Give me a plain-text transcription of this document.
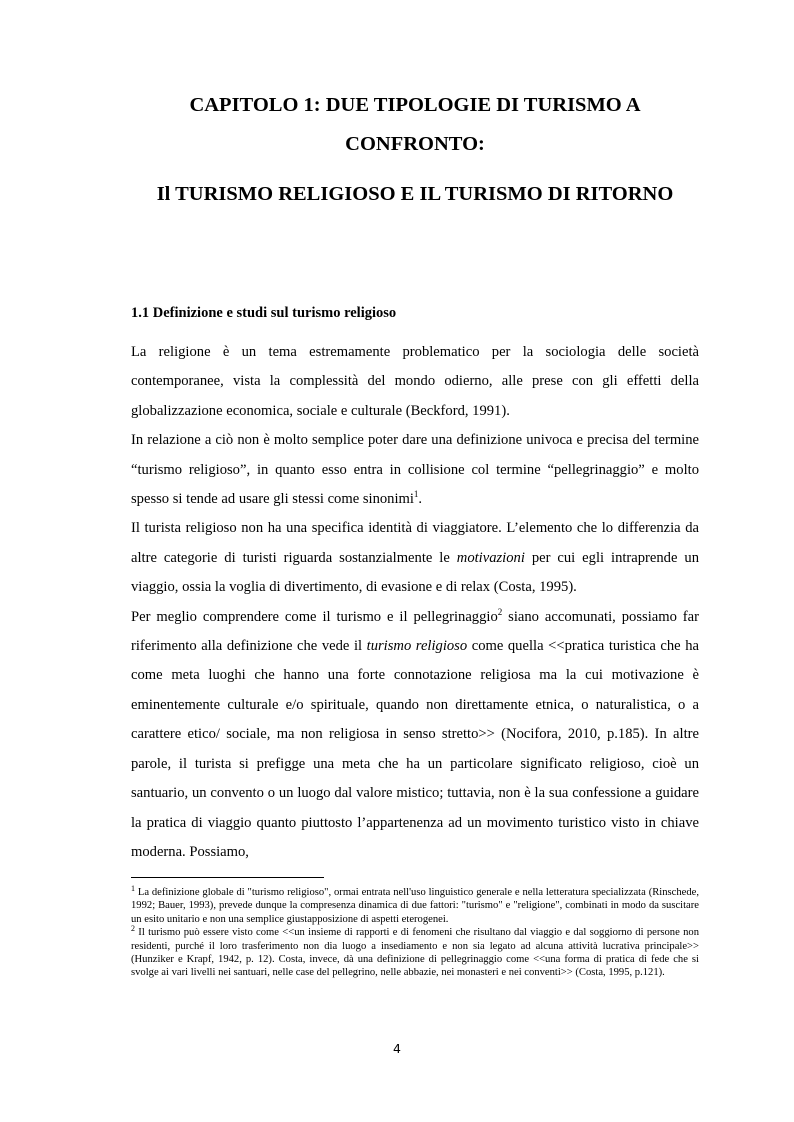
CAPITOLO 1: DUE TIPOLOGIE DI TURISMO A
CONFRONTO:
Il TURISMO RELIGIOSO E IL TURISMO DI RITORNO
1.1 Definizione e studi sul turismo religioso

La religione è un tema estremamente problematico per la sociologia delle società contemporanee, vista la complessità del mondo odierno, alle prese con gli effetti della globalizzazione economica, sociale e culturale (Beckford, 1991).

In relazione a ciò non è molto semplice poter dare una definizione univoca e precisa del termine “turismo religioso”, in quanto esso entra in collisione col termine “pellegrinaggio” e molto spesso si tende ad usare gli stessi come sinonimi$^1$.

Il turista religioso non ha una specifica identità di viaggiatore. L’elemento che lo differenzia da altre categorie di turisti riguarda sostanzialmente le motivazioni per cui egli intraprende un viaggio, ossia la voglia di divertimento, di evasione e di relax (Costa, 1995).

Per meglio comprendere come il turismo e il pellegrinaggio$^2$ siano accomunati, possiamo far riferimento alla definizione che vede il turismo religioso come quella <<pratica turistica che ha come meta luoghi che hanno una forte connotazione religiosa ma la cui motivazione è eminentemente culturale e/o spirituale, quando non direttamente etnica, o naturalistica, o a carattere etico/ sociale, ma non religiosa in senso stretto>> (Nocifora, 2010, p.185). In altre parole, il turista si prefigge una meta che ha un particolare significato religioso, cioè un santuario, un convento o un luogo dal valore mistico; tuttavia, non è la sua confessione a guidare la pratica di viaggio quanto piuttosto l’appartenenza ad un movimento turistico visto in chiave moderna. Possiamo,

$^1$ La definizione globale di "turismo religioso", ormai entrata nell'uso linguistico generale e nella letteratura specializzata (Rinschede, 1992; Bauer, 1993), prevede dunque la compresenza dinamica di due fattori: "turismo" e "religione", combinati in modo da suscitare un esito unitario e non una semplice giustapposizione di aspetti eterogenei.

$^2$ Il turismo può essere visto come <<un insieme di rapporti e di fenomeni che risultano dal viaggio e dal soggiorno di persone non residenti, purché il loro trasferimento non dia luogo a insediamento e non sia legato ad alcuna attività lucrativa principale>> (Hunziker e Krapf, 1942, p. 12). Costa, invece, dà una definizione di pellegrinaggio come <<una forma di pratica di fede che si svolge ai vari livelli nei santuari, nelle case del pellegrino, nelle abbazie, nei monasteri e nei conventi>> (Costa, 1995, p.121).

4
